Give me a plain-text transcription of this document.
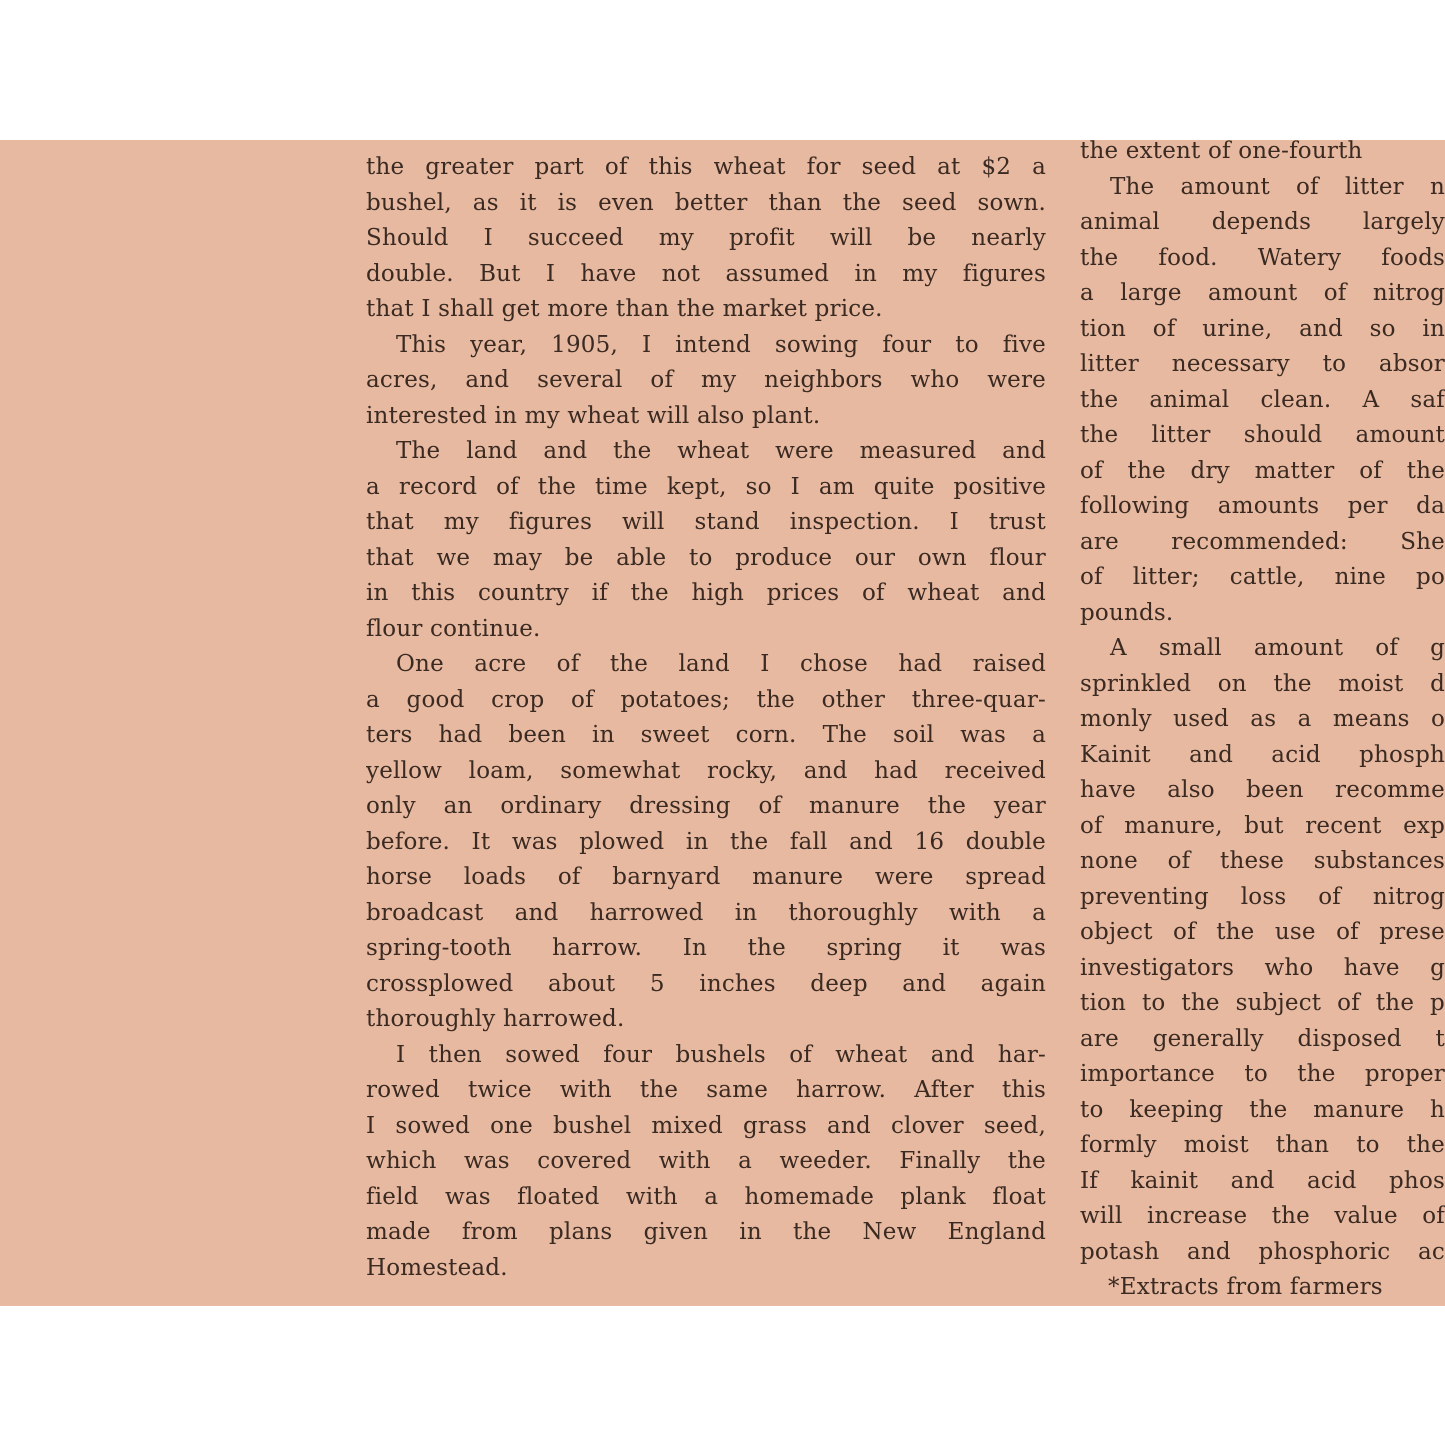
the greater part of this wheat for seed at $2 a
bushel, as it is even better than the seed sown.
Should I succeed my profit will be nearly
double. But I have not assumed in my figures
that I shall get more than the market price.
This year, 1905, I intend sowing four to five
acres, and several of my neighbors who were
interested in my wheat will also plant.
The land and the wheat were measured and
a record of the time kept, so I am quite positive
that my figures will stand inspection. I trust
that we may be able to produce our own flour
in this country if the high prices of wheat and
flour continue.
One acre of the land I chose had raised
a good crop of potatoes; the other three-quar-
ters had been in sweet corn. The soil was a
yellow loam, somewhat rocky, and had received
only an ordinary dressing of manure the year
before. It was plowed in the fall and 16 double
horse loads of barnyard manure were spread
broadcast and harrowed in thoroughly with a
spring-tooth harrow. In the spring it was
crossplowed about 5 inches deep and again
thoroughly harrowed.
I then sowed four bushels of wheat and har-
rowed twice with the same harrow. After this
I sowed one bushel mixed grass and clover seed,
which was covered with a weeder. Finally the
field was floated with a homemade plank float
made from plans given in the New England
Homestead.
the extent of one-fourth
The amount of litter n
animal depends largely
the food. Watery foods
a large amount of nitrog
tion of urine, and so in
litter necessary to absor
the animal clean. A saf
the litter should amount
of the dry matter of the
following amounts per da
are recommended: She
of litter; cattle, nine po
pounds.
A small amount of g
sprinkled on the moist d
monly used as a means o
Kainit and acid phosph
have also been recomme
of manure, but recent exp
none of these substances
preventing loss of nitrog
object of the use of prese
investigators who have g
tion to the subject of the p
are generally disposed t
importance to the proper
to keeping the manure h
formly moist than to the
If kainit and acid phos
will increase the value of
potash and phosphoric ac
*Extracts from farmers
